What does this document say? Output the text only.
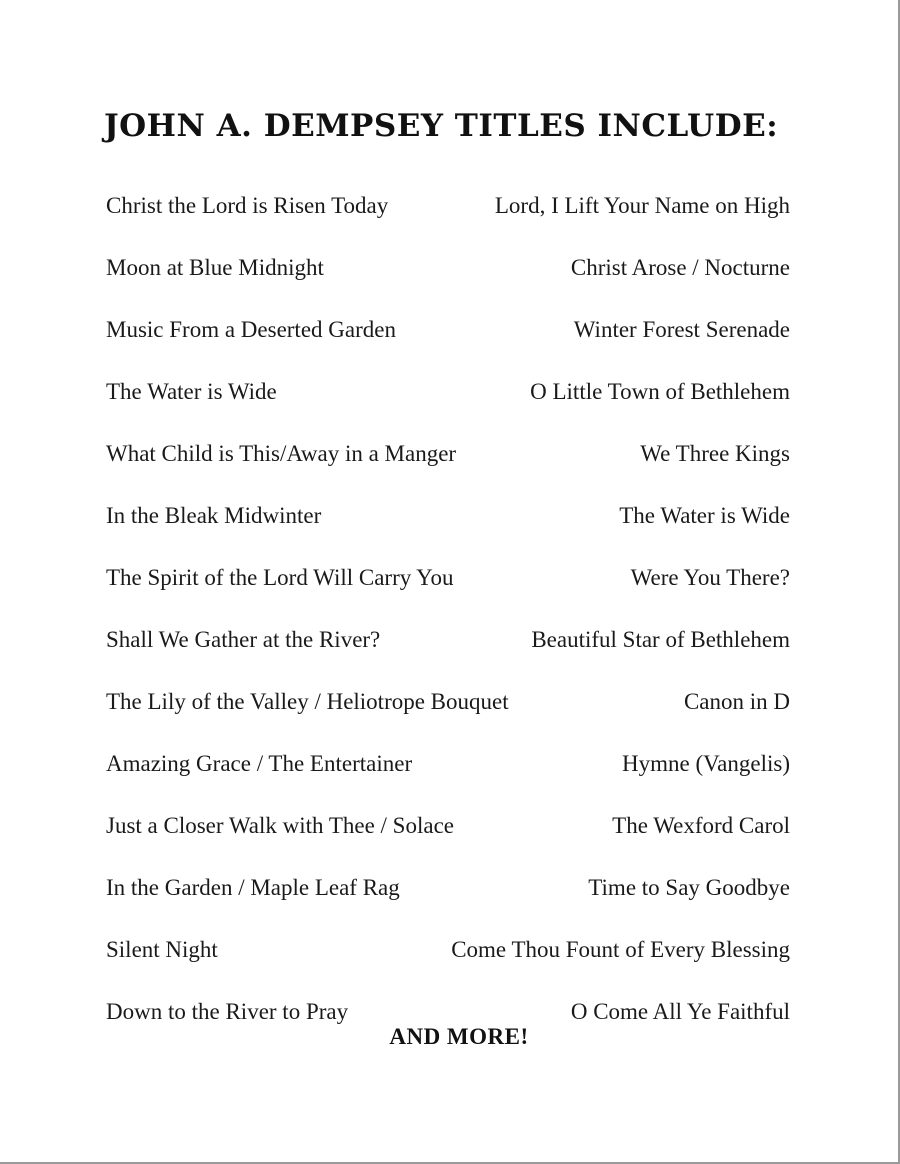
JOHN A. DEMPSEY TITLES INCLUDE:
Christ the Lord is Risen Today	Lord, I Lift Your Name on High
Moon at Blue Midnight	Christ Arose / Nocturne
Music From a Deserted Garden	Winter Forest Serenade
The Water is Wide	O Little Town of Bethlehem
What Child is This/Away in a Manger	We Three Kings
In the Bleak Midwinter	The Water is Wide
The Spirit of the Lord Will Carry You	Were You There?
Shall We Gather at the River?	Beautiful Star of Bethlehem
The Lily of the Valley / Heliotrope Bouquet	Canon in D
Amazing Grace / The Entertainer	Hymne (Vangelis)
Just a Closer Walk with Thee / Solace	The Wexford Carol
In the Garden / Maple Leaf Rag	Time to Say Goodbye
Silent Night	Come Thou Fount of Every Blessing
Down to the River to Pray	O Come All Ye Faithful
AND MORE!
